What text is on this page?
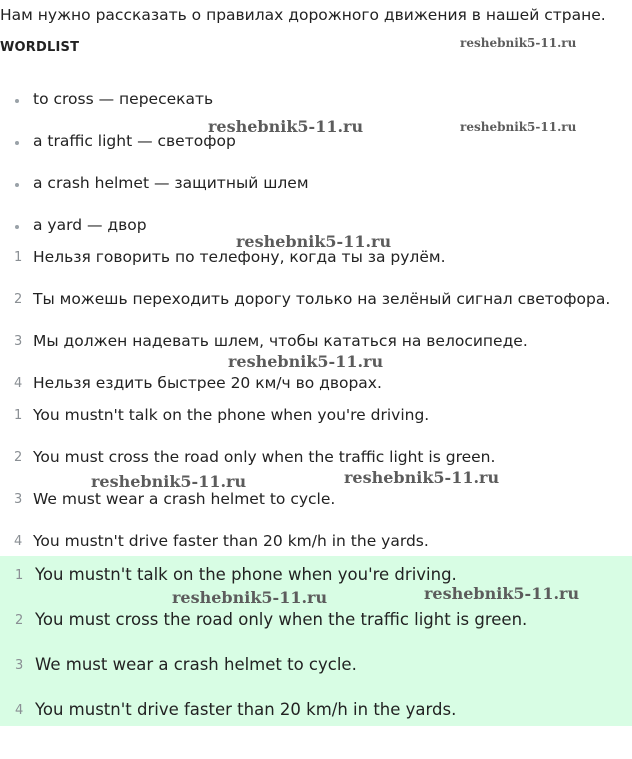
Нам нужно рассказать о правилах дорожного движения в нашей стране.
WORDLIST
to cross — пересекать
a traffic light — светофор
a crash helmet — защитный шлем
a yard — двор
1 Нельзя говорить по телефону, когда ты за рулём.
2 Ты можешь переходить дорогу только на зелёный сигнал светофора.
3 Мы должен надевать шлем, чтобы кататься на велосипеде.
4 Нельзя ездить быстрее 20 км/ч во дворах.
1 You mustn't talk on the phone when you're driving.
2 You must cross the road only when the traffic light is green.
3 We must wear a crash helmet to cycle.
4 You mustn't drive faster than 20 km/h in the yards.
1 You mustn't talk on the phone when you're driving.
2 You must cross the road only when the traffic light is green.
3 We must wear a crash helmet to cycle.
4 You mustn't drive faster than 20 km/h in the yards.
reshebnik5-11.ru
reshebnik5-11.ru	reshebnik5-11.ru
reshebnik5-11.ru
reshebnik5-11.ru
reshebnik5-11.ru	reshebnik5-11.ru
reshebnik5-11.ru	reshebnik5-11.ru
